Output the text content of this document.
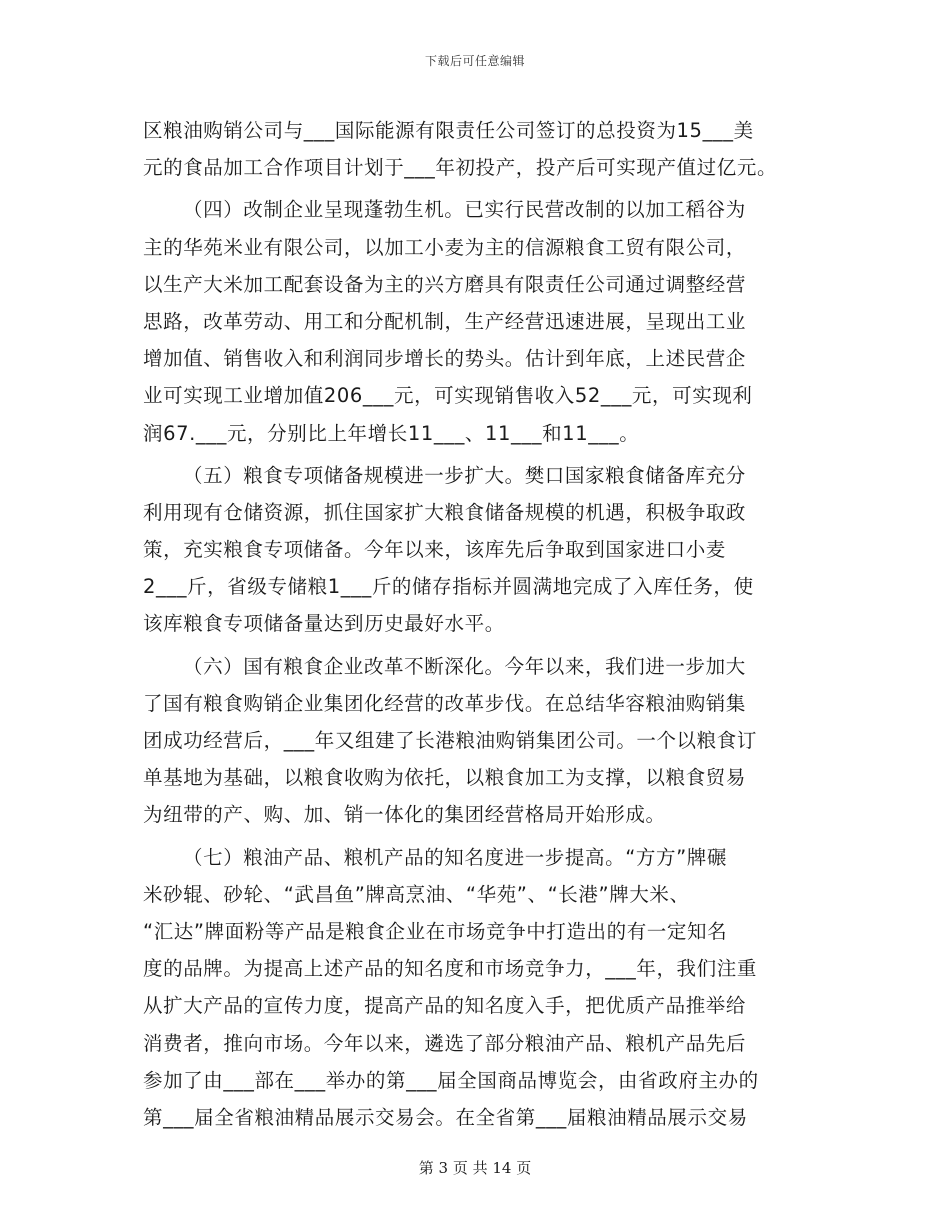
下载后可任意编辑
区粮油购销公司与___国际能源有限责任公司签订的总投资为15___美
元的食品加工合作项目计划于___年初投产，投产后可实现产值过亿元。
（四）改制企业呈现蓬勃生机。已实行民营改制的以加工稻谷为
主的华苑米业有限公司，以加工小麦为主的信源粮食工贸有限公司，
以生产大米加工配套设备为主的兴方磨具有限责任公司通过调整经营
思路，改革劳动、用工和分配机制，生产经营迅速进展，呈现出工业
增加值、销售收入和利润同步增长的势头。估计到年底，上述民营企
业可实现工业增加值206___元，可实现销售收入52___元，可实现利
润67.___元，分别比上年增长11___、11___和11___。
（五）粮食专项储备规模进一步扩大。樊口国家粮食储备库充分
利用现有仓储资源，抓住国家扩大粮食储备规模的机遇，积极争取政
策，充实粮食专项储备。今年以来，该库先后争取到国家进口小麦
2___斤，省级专储粮1___斤的储存指标并圆满地完成了入库任务，使
该库粮食专项储备量达到历史最好水平。
（六）国有粮食企业改革不断深化。今年以来，我们进一步加大
了国有粮食购销企业集团化经营的改革步伐。在总结华容粮油购销集
团成功经营后，___年又组建了长港粮油购销集团公司。一个以粮食订
单基地为基础，以粮食收购为依托，以粮食加工为支撑，以粮食贸易
为纽带的产、购、加、销一体化的集团经营格局开始形成。
（七）粮油产品、粮机产品的知名度进一步提高。“方方”牌碾
米砂辊、砂轮、“武昌鱼”牌高烹油、“华苑”、“长港”牌大米、
“汇达”牌面粉等产品是粮食企业在市场竞争中打造出的有一定知名
度的品牌。为提高上述产品的知名度和市场竞争力，___年，我们注重
从扩大产品的宣传力度，提高产品的知名度入手，把优质产品推举给
消费者，推向市场。今年以来，遴选了部分粮油产品、粮机产品先后
参加了由___部在___举办的第___届全国商品博览会，由省政府主办的
第___届全省粮油精品展示交易会。在全省第___届粮油精品展示交易
第 3 页 共 14 页
